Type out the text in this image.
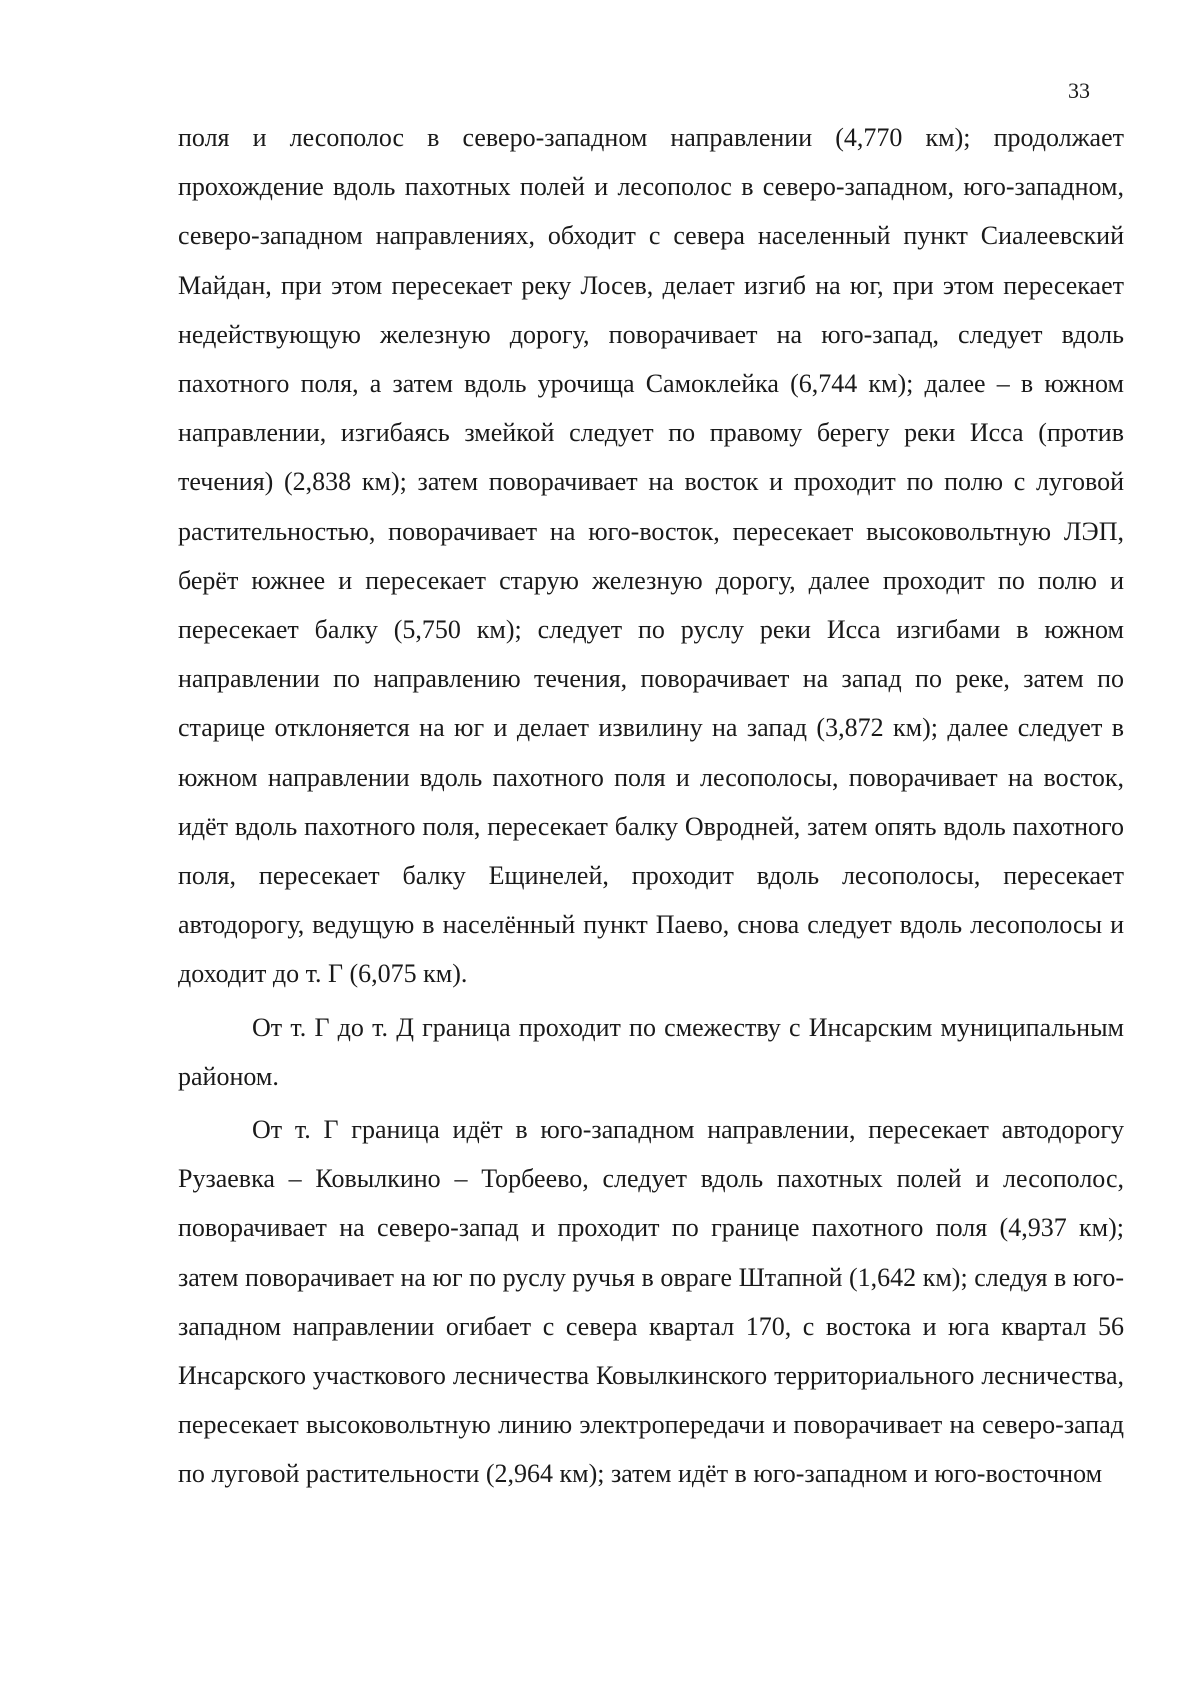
33

поля и лесополос в северо-западном направлении (4,770 км); продолжает прохождение вдоль пахотных полей и лесополос в северо-западном, юго-западном, северо-западном направлениях, обходит с севера населенный пункт Сиалеевский Майдан, при этом пересекает реку Лосев, делает изгиб на юг, при этом пересекает недействующую железную дорогу, поворачивает на юго-запад, следует вдоль пахотного поля, а затем вдоль урочища Самоклейка (6,744 км); далее – в южном направлении, изгибаясь змейкой следует по правому берегу реки Исса (против течения) (2,838 км); затем поворачивает на восток и проходит по полю с луговой растительностью, поворачивает на юго-восток, пересекает высоковольтную ЛЭП, берёт южнее и пересекает старую железную дорогу, далее проходит по полю и пересекает балку (5,750 км); следует по руслу реки Исса изгибами в южном направлении по направлению течения, поворачивает на запад по реке, затем по старице отклоняется на юг и делает извилину на запад (3,872 км); далее следует в южном направлении вдоль пахотного поля и лесополосы, поворачивает на восток, идёт вдоль пахотного поля, пересекает балку Овродней, затем опять вдоль пахотного поля, пересекает балку Ещинелей, проходит вдоль лесополосы, пересекает автодорогу, ведущую в населённый пункт Паево, снова следует вдоль лесополосы и доходит до т. Г (6,075 км).

От т. Г до т. Д граница проходит по смежеству с Инсарским муниципальным районом.

От т. Г граница идёт в юго-западном направлении, пересекает автодорогу Рузаевка – Ковылкино – Торбеево, следует вдоль пахотных полей и лесополос, поворачивает на северо-запад и проходит по границе пахотного поля (4,937 км); затем поворачивает на юг по руслу ручья в овраге Штапной (1,642 км); следуя в юго-западном направлении огибает с севера квартал 170, с востока и юга квартал 56 Инсарского участкового лесничества Ковылкинского территориального лесничества, пересекает высоковольтную линию электропередачи и поворачивает на северо-запад по луговой растительности (2,964 км); затем идёт в юго-западном и юго-восточном
